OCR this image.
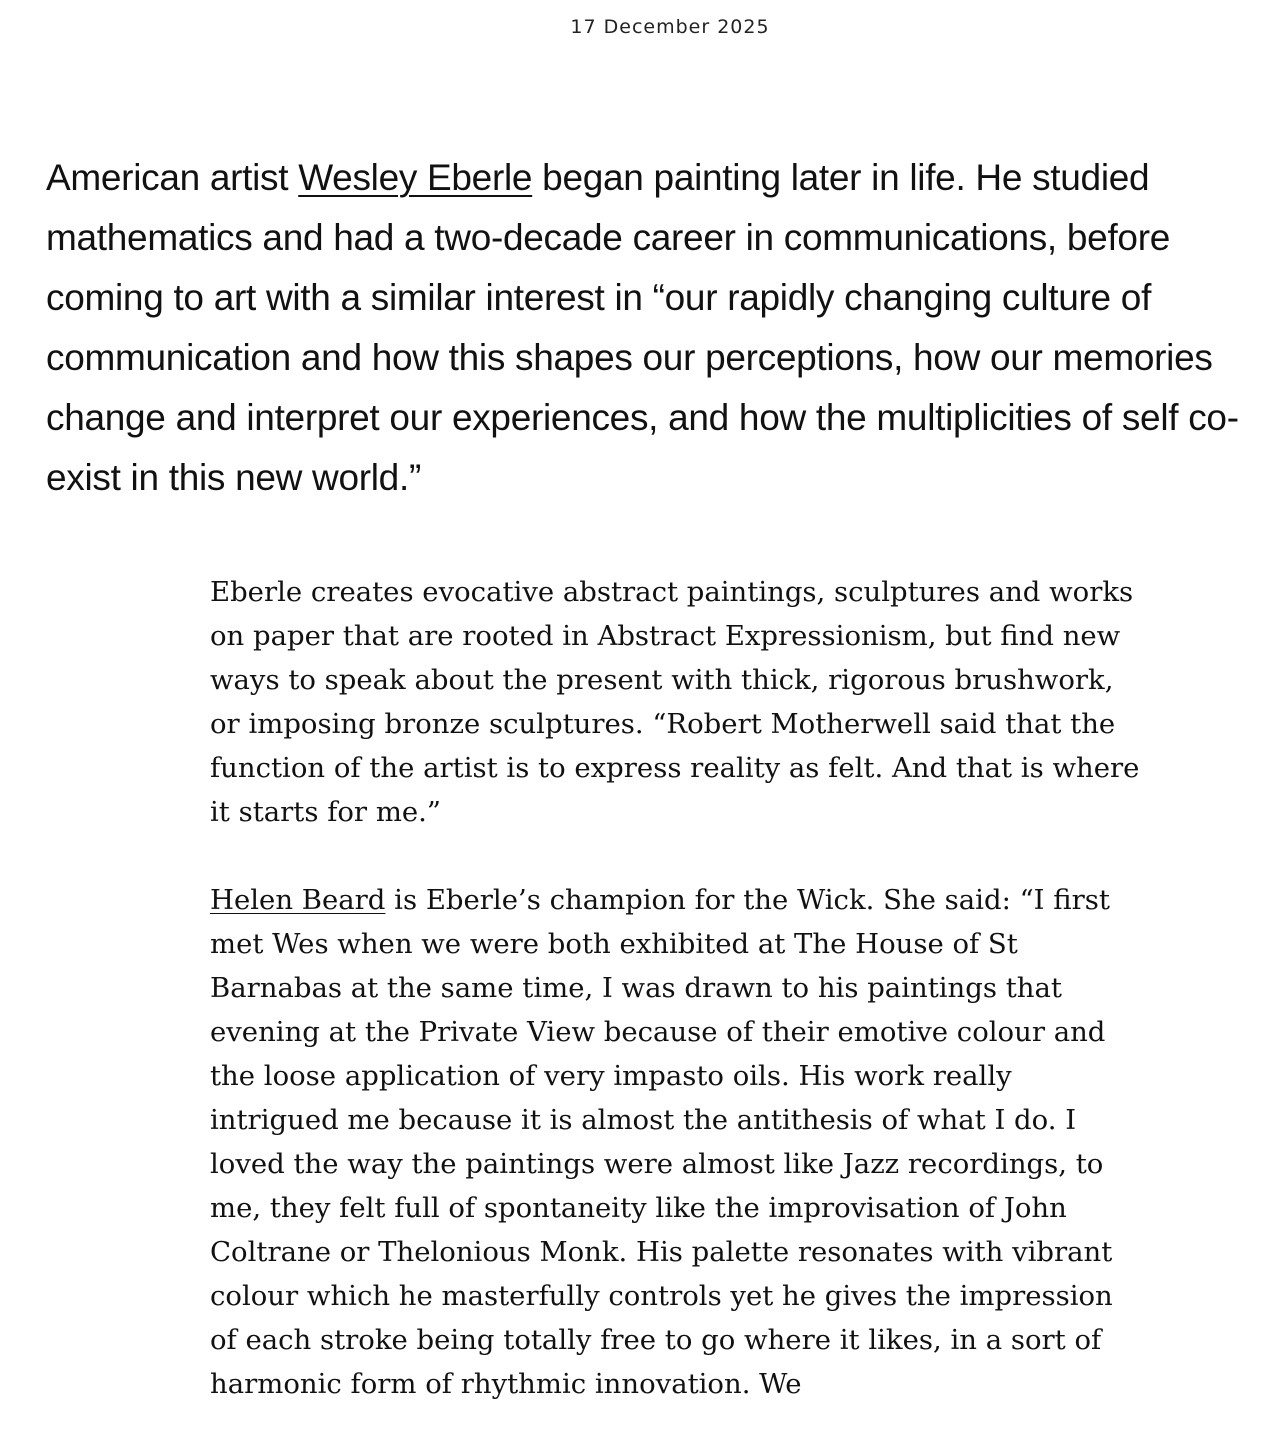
17 December 2025

American artist Wesley Eberle began painting later in life. He studied mathematics and had a two-decade career in communications, before coming to art with a similar interest in “our rapidly changing culture of communication and how this shapes our perceptions, how our memories change and interpret our experiences, and how the multiplicities of self co-exist in this new world.”

Eberle creates evocative abstract paintings, sculptures and works on paper that are rooted in Abstract Expressionism, but find new ways to speak about the present with thick, rigorous brushwork, or imposing bronze sculptures. “Robert Motherwell said that the function of the artist is to express reality as felt. And that is where it starts for me.”

Helen Beard is Eberle’s champion for the Wick. She said: “I first met Wes when we were both exhibited at The House of St Barnabas at the same time, I was drawn to his paintings that evening at the Private View because of their emotive colour and the loose application of very impasto oils. His work really intrigued me because it is almost the antithesis of what I do. I loved the way the paintings were almost like Jazz recordings, to me, they felt full of spontaneity like the improvisation of John Coltrane or Thelonious Monk. His palette resonates with vibrant colour which he masterfully controls yet he gives the impression of each stroke being totally free to go where it likes, in a sort of harmonic form of rhythmic innovation. We
